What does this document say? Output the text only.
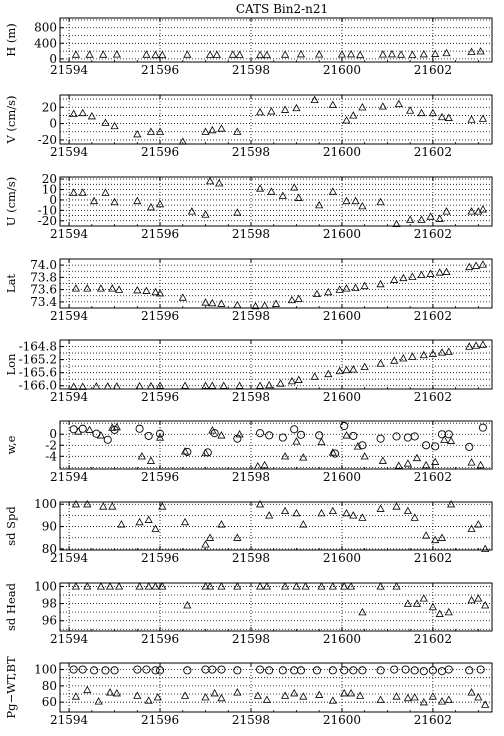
CATS Bin2-n21
21594	21596	21598	21600	21602
0
400
800
H (m)
21594	21596	21598	21600	21602
-20
0
20
V (cm/s)
21594	21596	21598	21600	21602
20
10
0
-10
-20
U (cm/s)
21594	21596	21598	21600	21602
74.0
73.8
73.6
73.4
Lat
21594	21596	21598	21600	21602
-164.8
-165.2
-165.6
-166.0
Lon
21594	21596	21598	21600	21602
0
-2
-4
w,e
21594	21596	21598	21600	21602
100
90
80
sd Spd
21594	21596	21598	21600	21602
100
98
96
sd Head
21594	21596	21598	21600	21602
100
80
60
Pg−WT,BT
